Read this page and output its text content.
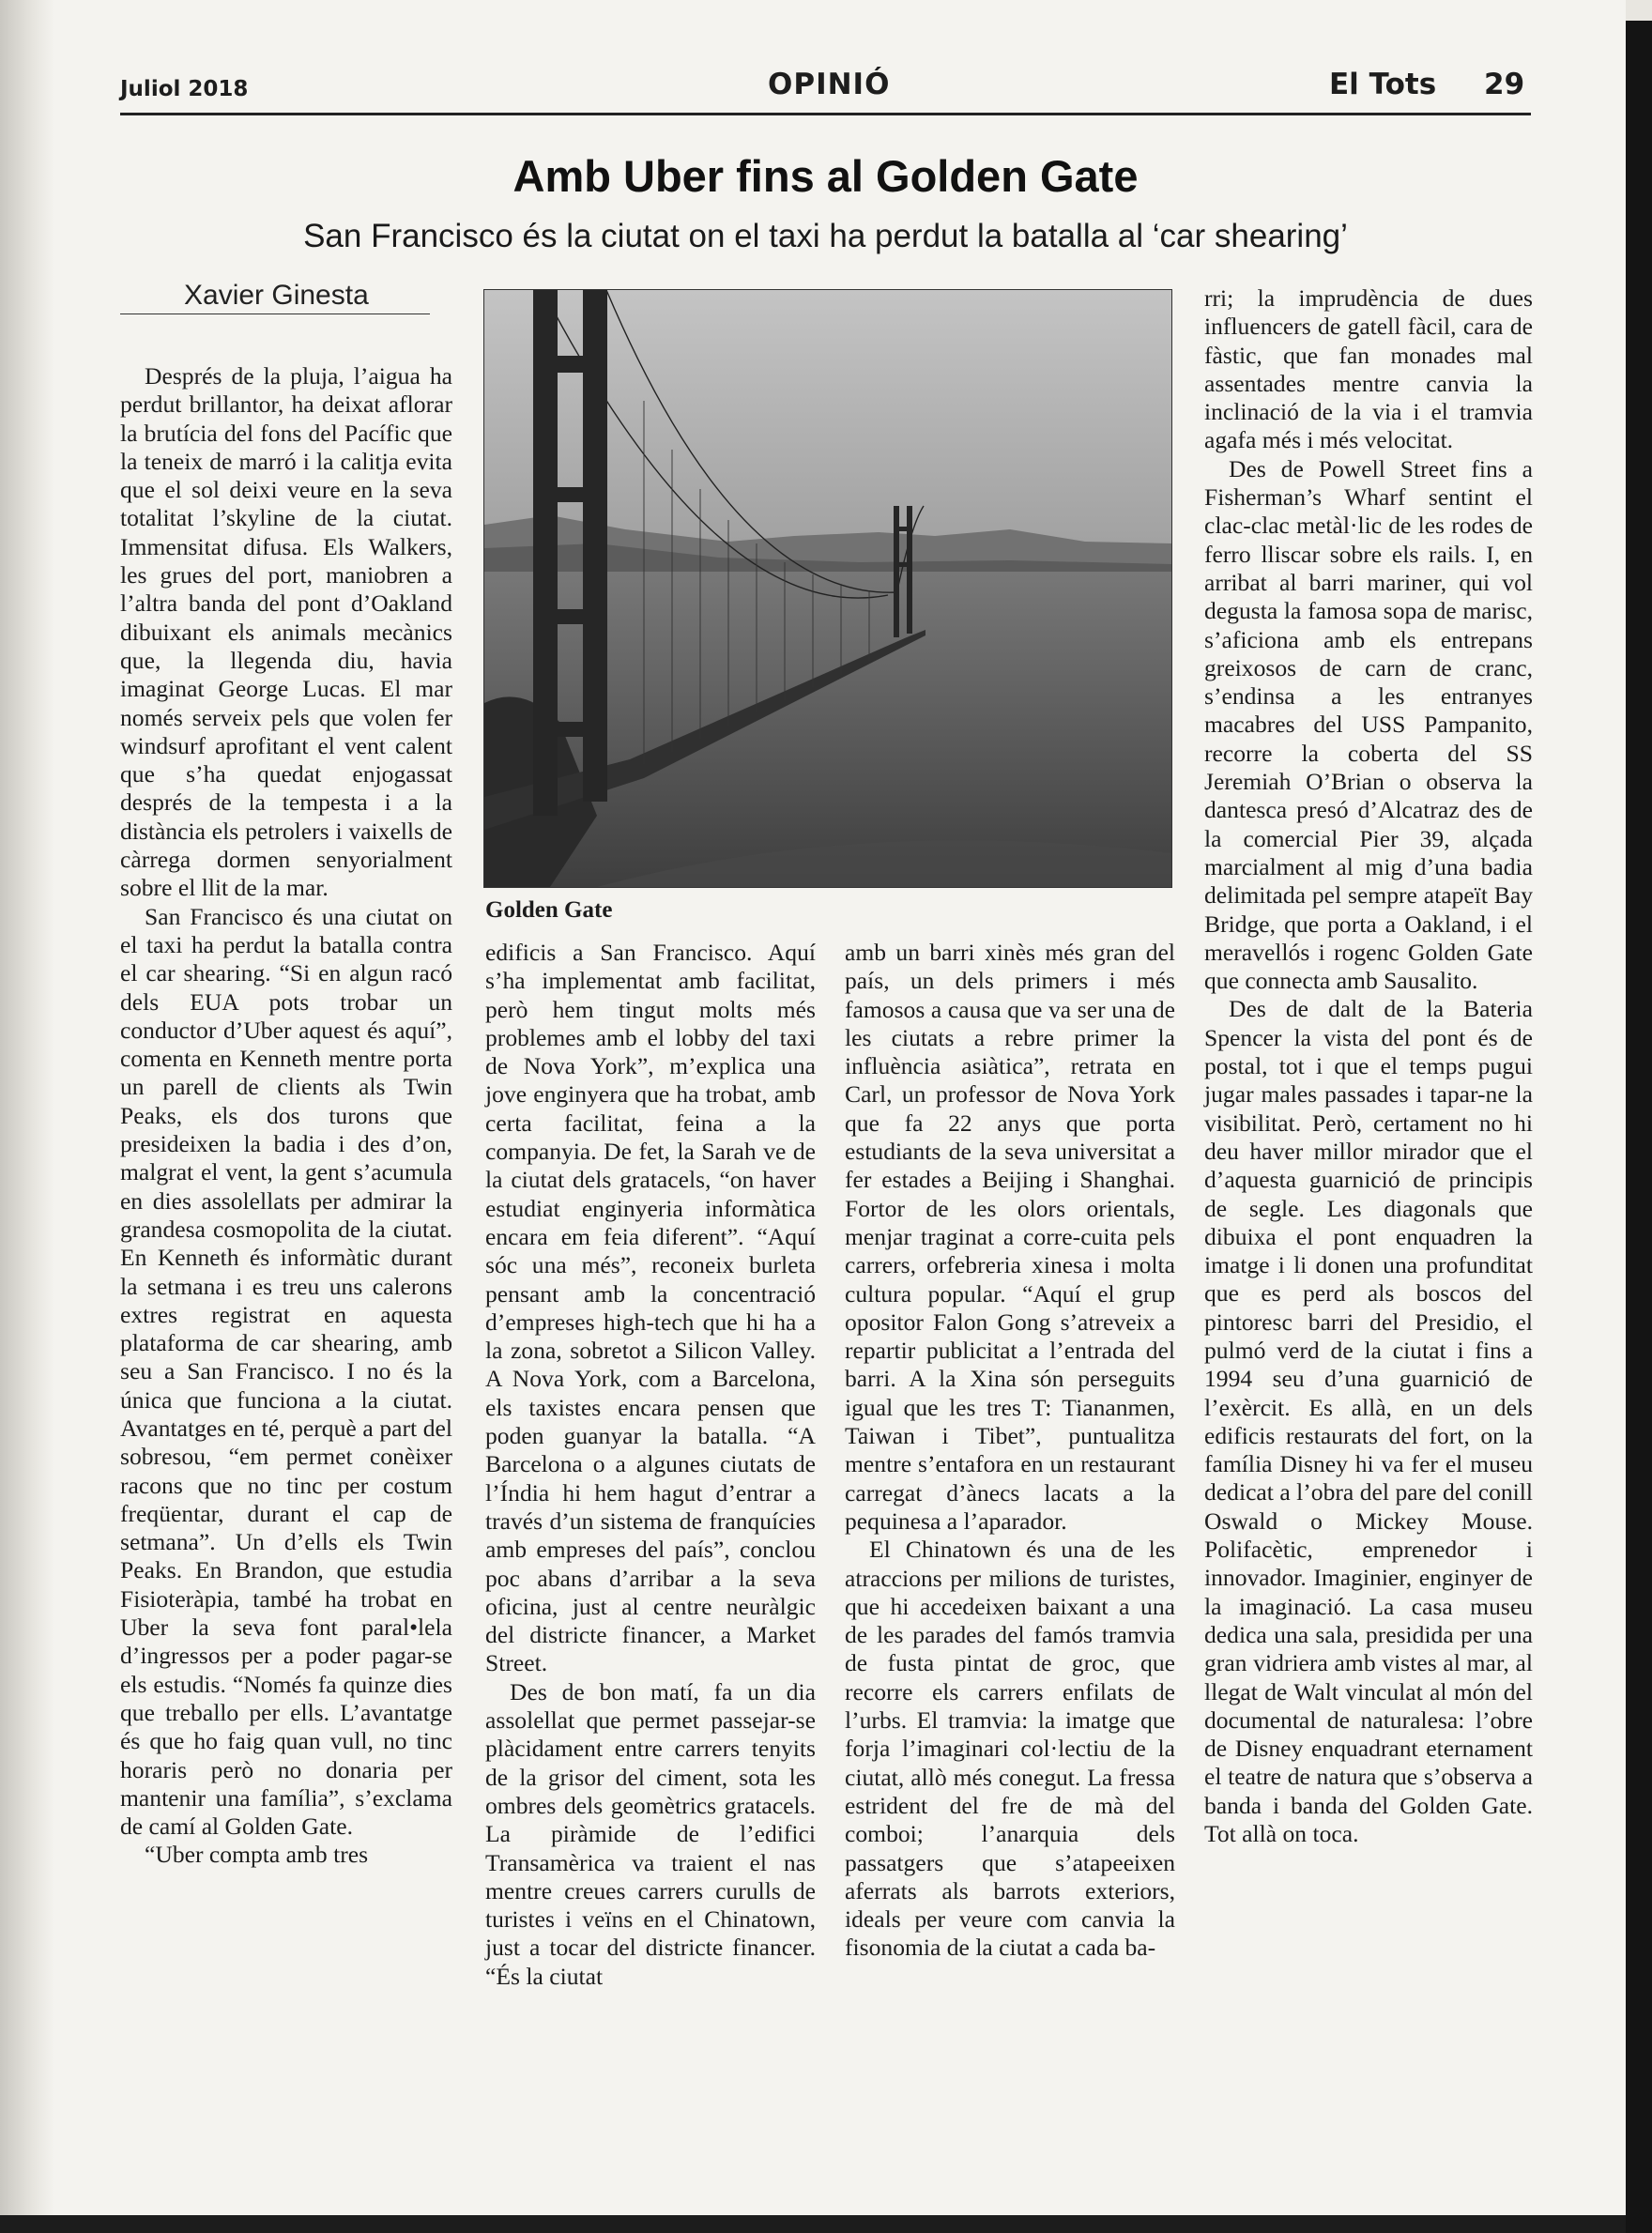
Juliol 2018	OPINIÓ	El Tots 29
Amb Uber fins al Golden Gate
San Francisco és la ciutat on el taxi ha perdut la batalla al ‘car shearing’
Xavier Ginesta

Després de la pluja, l’aigua ha perdut brillantor, ha deixat aflorar la brutícia del fons del Pacífic que la teneix de marró i la calitja evita que el sol deixi veure en la seva totalitat l’skyline de la ciutat. Immensitat difusa. Els Walkers, les grues del port, maniobren a l’altra banda del pont d’Oakland dibuixant els animals mecànics que, la llegenda diu, havia imaginat George Lucas. El mar només serveix pels que volen fer windsurf aprofitant el vent calent que s’ha quedat enjogassat després de la tempesta i a la distància els petrolers i vaixells de càrrega dormen senyorialment sobre el llit de la mar.

San Francisco és una ciutat on el taxi ha perdut la batalla contra el car shearing. “Si en algun racó dels EUA pots trobar un conductor d’Uber aquest és aquí”, comenta en Kenneth mentre porta un parell de clients als Twin Peaks, els dos turons que presideixen la badia i des d’on, malgrat el vent, la gent s’acumula en dies assolellats per admirar la grandesa cosmopolita de la ciutat. En Kenneth és informàtic durant la setmana i es treu uns calerons extres registrat en aquesta plataforma de car shearing, amb seu a San Francisco. I no és la única que funciona a la ciutat. Avantatges en té, perquè a part del sobresou, “em permet conèixer racons que no tinc per costum freqüentar, durant el cap de setmana”. Un d’ells els Twin Peaks. En Brandon, que estudia Fisioteràpia, també ha trobat en Uber la seva font paral•lela d’ingressos per a poder pagar-se els estudis. “Només fa quinze dies que treballo per ells. L’avantatge és que ho faig quan vull, no tinc horaris però no donaria per mantenir una família”, s’exclama de camí al Golden Gate.

“Uber compta amb tres

Golden Gate

edificis a San Francisco. Aquí s’ha implementat amb facilitat, però hem tingut molts més problemes amb el lobby del taxi de Nova York”, m’explica una jove enginyera que ha trobat, amb certa facilitat, feina a la companyia. De fet, la Sarah ve de la ciutat dels gratacels, “on haver estudiat enginyeria informàtica encara em feia diferent”. “Aquí sóc una més”, reconeix burleta pensant amb la concentració d’empreses high-tech que hi ha a la zona, sobretot a Silicon Valley. A Nova York, com a Barcelona, els taxistes encara pensen que poden guanyar la batalla. “A Barcelona o a algunes ciutats de l’Índia hi hem hagut d’entrar a través d’un sistema de franquícies amb empreses del país”, conclou poc abans d’arribar a la seva oficina, just al centre neuràlgic del districte financer, a Market Street.

Des de bon matí, fa un dia assolellat que permet passejar-se plàcidament entre carrers tenyits de la grisor del ciment, sota les ombres dels geomètrics gratacels. La piràmide de l’edifici Transamèrica va traient el nas mentre creues carrers curulls de turistes i veïns en el Chinatown, just a tocar del districte financer. “És la ciutat

amb un barri xinès més gran del país, un dels primers i més famosos a causa que va ser una de les ciutats a rebre primer la influència asiàtica”, retrata en Carl, un professor de Nova York que fa 22 anys que porta estudiants de la seva universitat a fer estades a Beijing i Shanghai. Fortor de les olors orientals, menjar traginat a corre-cuita pels carrers, orfebreria xinesa i molta cultura popular. “Aquí el grup opositor Falon Gong s’atreveix a repartir publicitat a l’entrada del barri. A la Xina són perseguits igual que les tres T: Tiananmen, Taiwan i Tibet”, puntualitza mentre s’entafora en un restaurant carregat d’ànecs lacats a la pequinesa a l’aparador.

El Chinatown és una de les atraccions per milions de turistes, que hi accedeixen baixant a una de les parades del famós tramvia de fusta pintat de groc, que recorre els carrers enfilats de l’urbs. El tramvia: la imatge que forja l’imaginari col·lectiu de la ciutat, allò més conegut. La fressa estrident del fre de mà del comboi; l’anarquia dels passatgers que s’atapeeixen aferrats als barrots exteriors, ideals per veure com canvia la fisonomia de la ciutat a cada ba-

rri; la imprudència de dues influencers de gatell fàcil, cara de fàstic, que fan monades mal assentades mentre canvia la inclinació de la via i el tramvia agafa més i més velocitat.

Des de Powell Street fins a Fisherman’s Wharf sentint el clac-clac metàl·lic de les rodes de ferro lliscar sobre els rails. I, en arribat al barri mariner, qui vol degusta la famosa sopa de marisc, s’aficiona amb els entrepans greixosos de carn de cranc, s’endinsa a les entranyes macabres del USS Pampanito, recorre la coberta del SS Jeremiah O’Brian o observa la dantesca presó d’Alcatraz des de la comercial Pier 39, alçada marcialment al mig d’una badia delimitada pel sempre atapeït Bay Bridge, que porta a Oakland, i el meravellós i rogenc Golden Gate que connecta amb Sausalito.

Des de dalt de la Bateria Spencer la vista del pont és de postal, tot i que el temps pugui jugar males passades i tapar-ne la visibilitat. Però, certament no hi deu haver millor mirador que el d’aquesta guarnició de principis de segle. Les diagonals que dibuixa el pont enquadren la imatge i li donen una profunditat que es perd als boscos del pintoresc barri del Presidio, el pulmó verd de la ciutat i fins a 1994 seu d’una guarnició de l’exèrcit. Es allà, en un dels edificis restaurats del fort, on la família Disney hi va fer el museu dedicat a l’obra del pare del conill Oswald o Mickey Mouse. Polifacètic, emprenedor i innovador. Imaginier, enginyer de la imaginació. La casa museu dedica una sala, presidida per una gran vidriera amb vistes al mar, al llegat de Walt vinculat al món del documental de naturalesa: l’obre de Disney enquadrant eternament el teatre de natura que s’observa a banda i banda del Golden Gate. Tot allà on toca.
